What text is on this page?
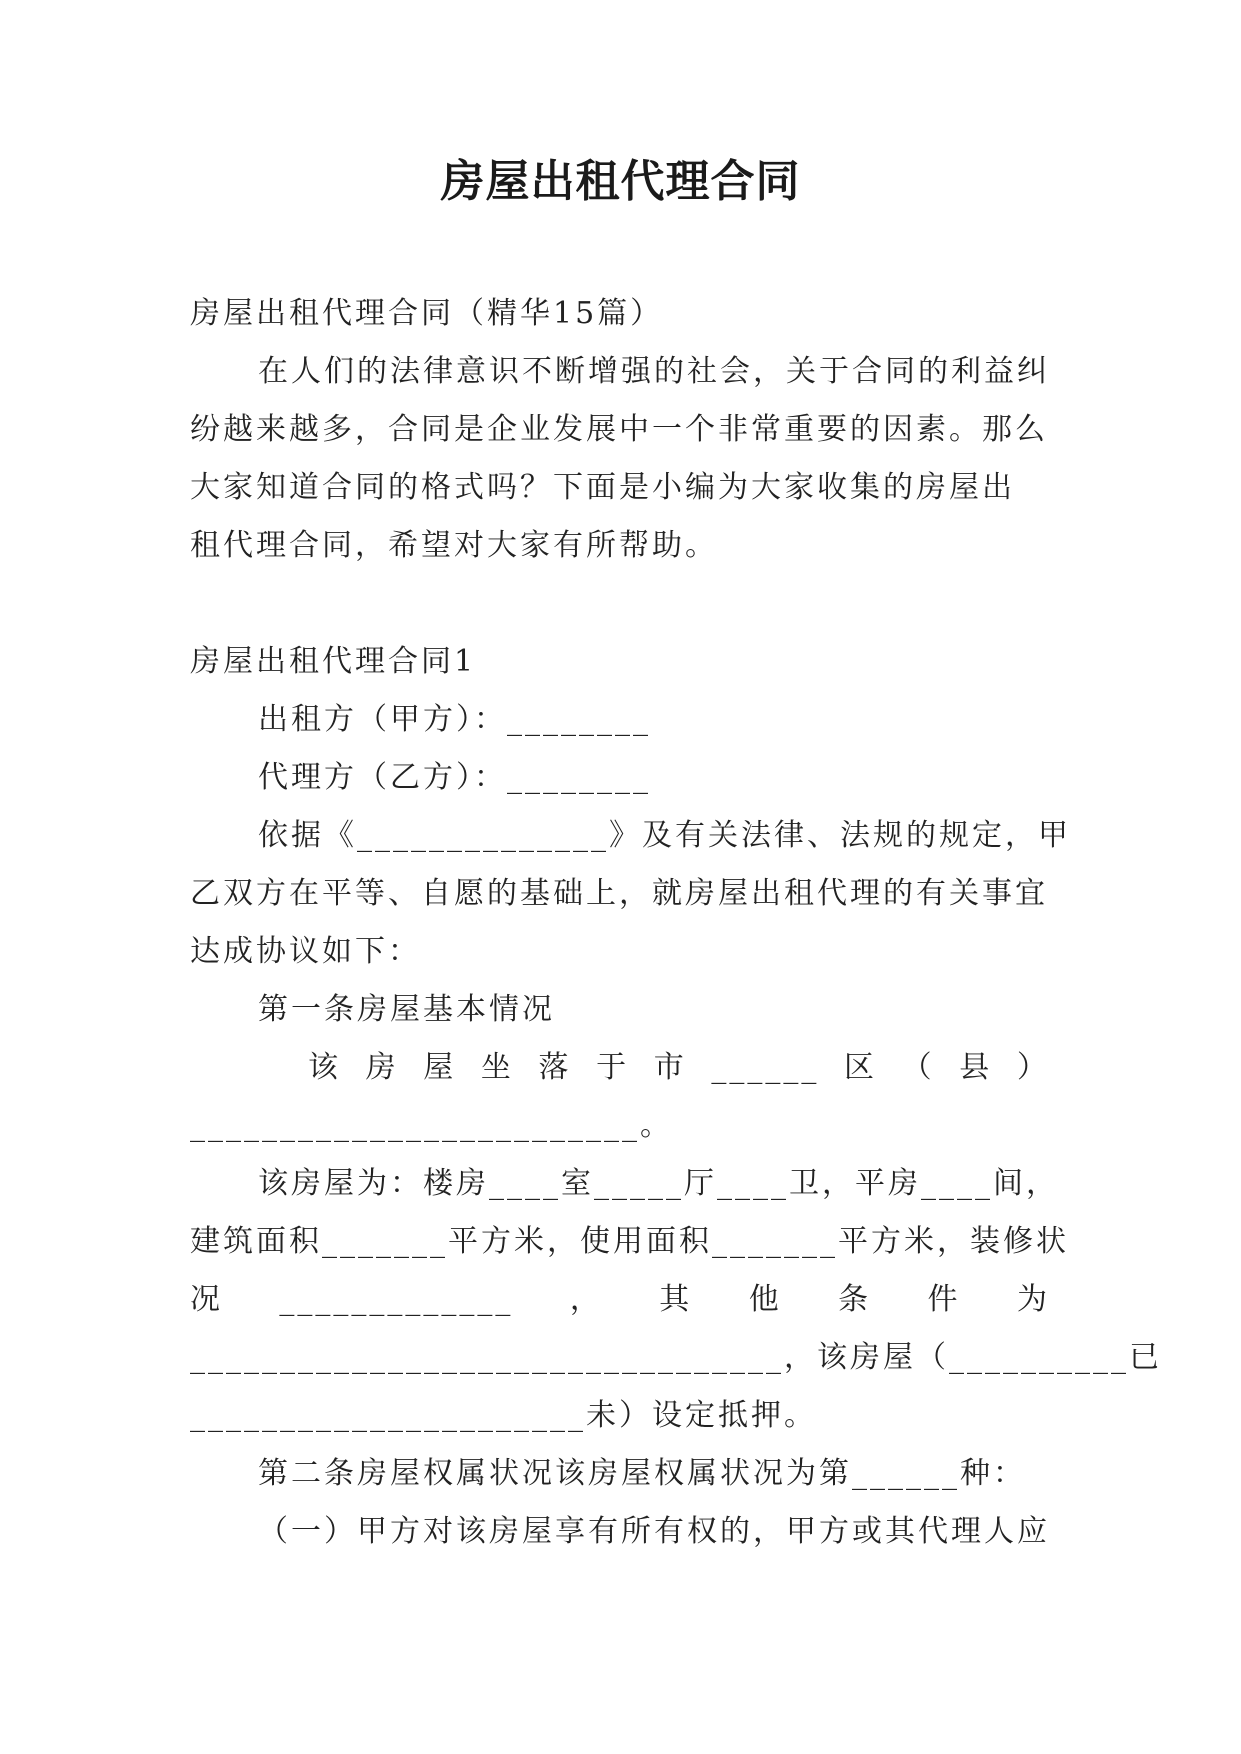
房屋出租代理合同
房屋出租代理合同（精华15篇）
在人们的法律意识不断增强的社会，关于合同的利益纠
纷越来越多，合同是企业发展中一个非常重要的因素。那么
大家知道合同的格式吗？下面是小编为大家收集的房屋出
租代理合同，希望对大家有所帮助。
房屋出租代理合同1
出租方（甲方）：________
代理方（乙方）：________
依据《______________》及有关法律、法规的规定，甲
乙双方在平等、自愿的基础上，就房屋出租代理的有关事宜
达成协议如下：
第一条房屋基本情况
该 房 屋 坐 落 于 市 ______ 区 （ 县 ）
_________________________。
该房屋为：楼房____室_____厅____卫，平房____间，
建筑面积_______平方米，使用面积_______平方米，装修状
况 _____________ ， 其 他 条 件 为
_________________________________，该房屋（ __________已
______________________未）设定抵押。
第二条房屋权属状况该房屋权属状况为第______种：
（一）甲方对该房屋享有所有权的，甲方或其代理人应
